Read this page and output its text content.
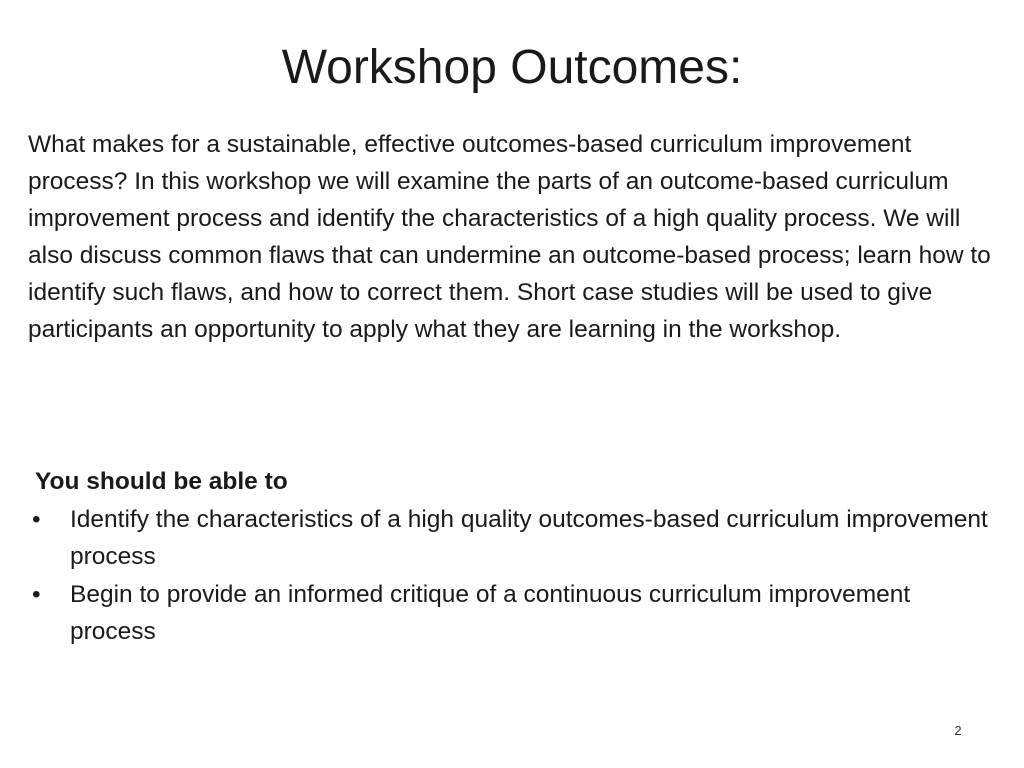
Workshop Outcomes:

What makes for a sustainable, effective outcomes-based curriculum improvement process? In this workshop we will examine the parts of an outcome-based curriculum improvement process and identify the characteristics of a high quality process. We will also discuss common flaws that can undermine an outcome-based process; learn how to identify such flaws, and how to correct them. Short case studies will be used to give participants an opportunity to apply what they are learning in the workshop.

You should be able to

• Identify the characteristics of a high quality outcomes-based curriculum improvement process
• Begin to provide an informed critique of a continuous curriculum improvement process
2
